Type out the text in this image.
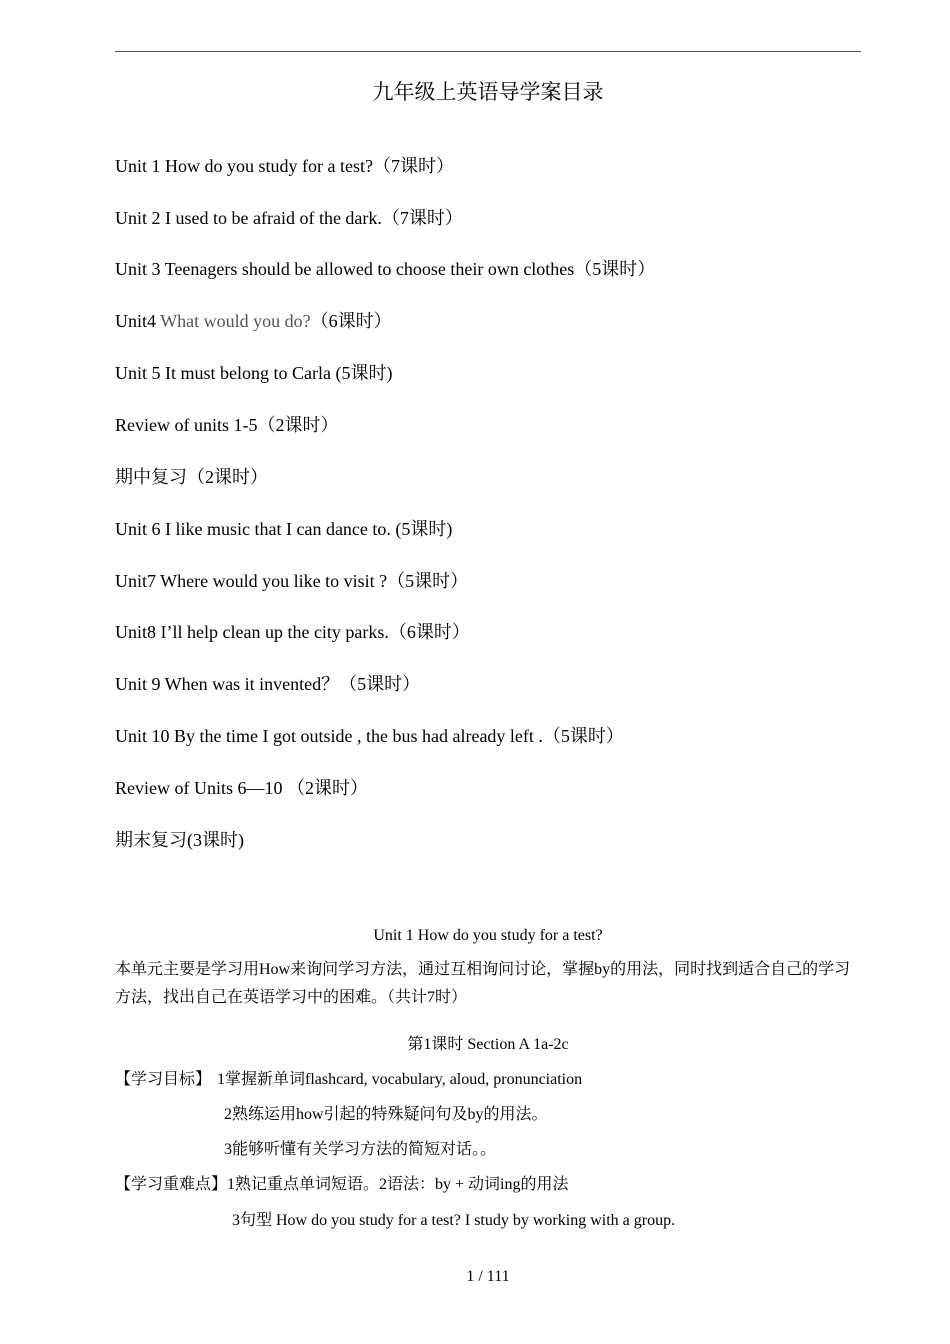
九年级上英语导学案目录
Unit 1 How do you study for a test?（7课时）
Unit 2 I used to be afraid of the dark.（7课时）
Unit 3 Teenagers should be allowed to choose their own clothes（5课时）
Unit4 What would you do?（6课时）
Unit 5 It must belong to Carla (5课时)
Review of units 1-5（2课时）
期中复习（2课时）
Unit 6 I like music that I can dance to. (5课时)
Unit7 Where would you like to visit ?（5课时）
Unit8 I’ll help clean up the city parks.（6课时）
Unit 9 When was it invented？（5课时）
Unit 10 By the time I got outside , the bus had already left .（5课时）
Review of Units 6—10 （2课时）
期末复习(3课时)
Unit 1 How do you study for a test?
本单元主要是学习用How来询问学习方法，通过互相询问讨论，掌握by的用法，同时找到适合自己的学习方法，找出自己在英语学习中的困难。（共计7时）
第1课时 Section A 1a-2c
【学习目标】 1掌握新单词flashcard, vocabulary, aloud, pronunciation
2熟练运用how引起的特殊疑问句及by的用法。
3能够听懂有关学习方法的简短对话。。
【学习重难点】1熟记重点单词短语。2语法：by + 动词ing的用法
3句型 How do you study for a test? I study by working with a group.
1 / 111
